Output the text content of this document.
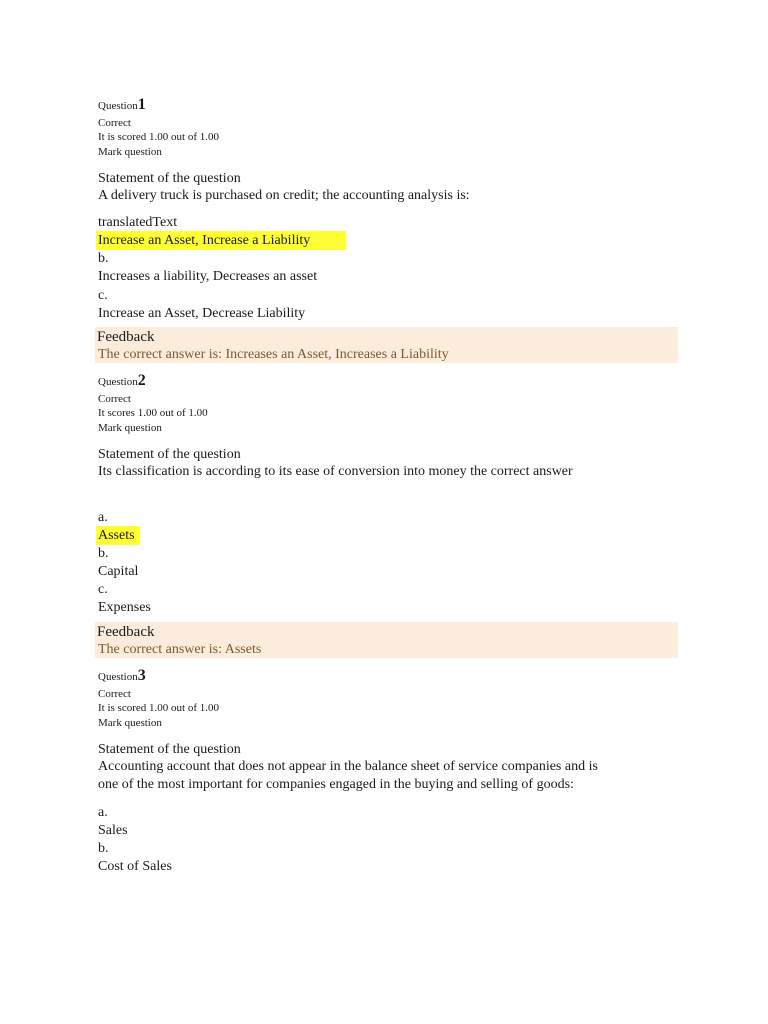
Question1
Correct
It is scored 1.00 out of 1.00
Mark question
Statement of the question
A delivery truck is purchased on credit; the accounting analysis is:
translatedText
Increase an Asset, Increase a Liability
b.
Increases a liability, Decreases an asset
c.
Increase an Asset, Decrease Liability
Feedback
The correct answer is: Increases an Asset, Increases a Liability
Question2
Correct
It scores 1.00 out of 1.00
Mark question
Statement of the question
Its classification is according to its ease of conversion into money the correct answer
a.
Assets
b.
Capital
c.
Expenses
Feedback
The correct answer is: Assets
Question3
Correct
It is scored 1.00 out of 1.00
Mark question
Statement of the question
Accounting account that does not appear in the balance sheet of service companies and is
one of the most important for companies engaged in the buying and selling of goods:
a.
Sales
b.
Cost of Sales
